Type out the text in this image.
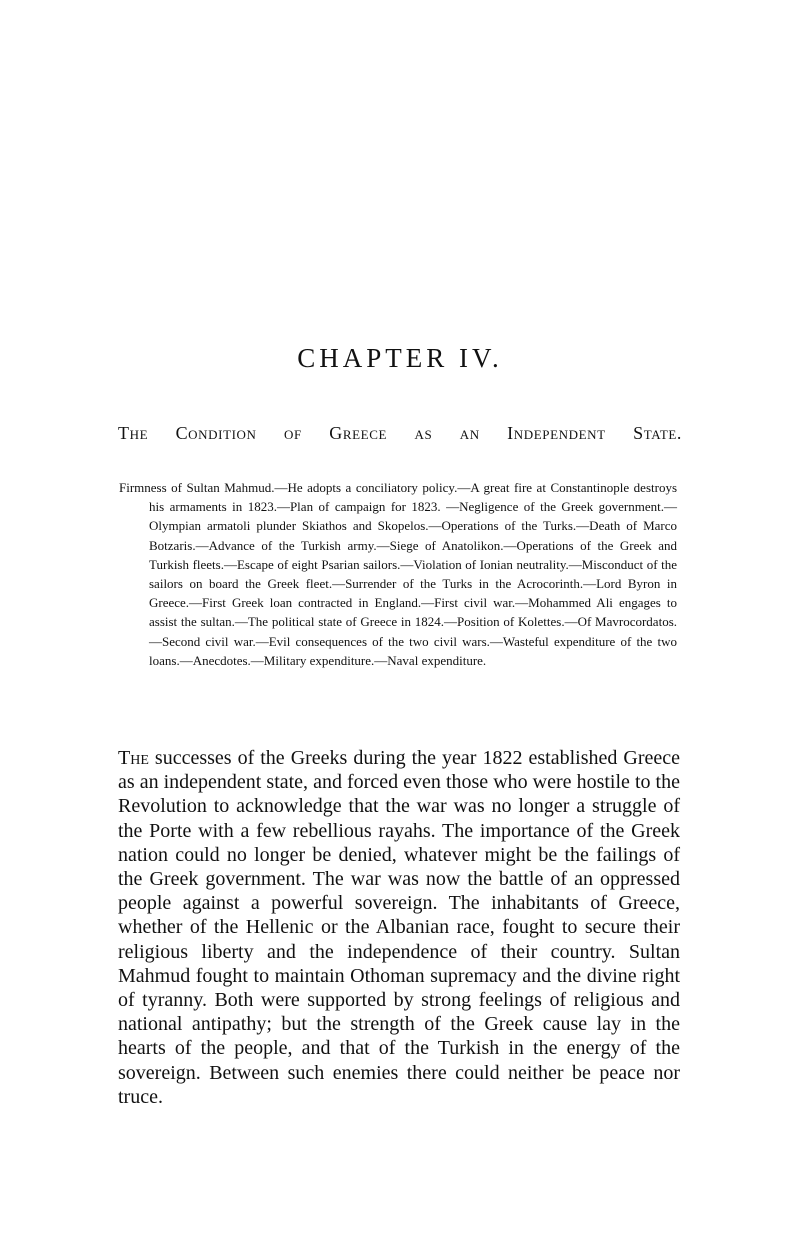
CHAPTER IV.
The Condition of Greece as an Independent State.

Firmness of Sultan Mahmud.—He adopts a conciliatory policy.—A great fire at Constantinople destroys his armaments in 1823.—Plan of campaign for 1823. —Negligence of the Greek government.—Olympian armatoli plunder Skiathos and Skopelos.—Operations of the Turks.—Death of Marco Botzaris.—Advance of the Turkish army.—Siege of Anatolikon.—Operations of the Greek and Turkish fleets.—Escape of eight Psarian sailors.—Violation of Ionian neutrality.—Misconduct of the sailors on board the Greek fleet.—Surrender of the Turks in the Acrocorinth.—Lord Byron in Greece.—First Greek loan contracted in England.—First civil war.—Mohammed Ali engages to assist the sultan.—The political state of Greece in 1824.—Position of Kolettes.—Of Mavrocordatos.—Second civil war.—Evil consequences of the two civil wars.—Wasteful expenditure of the two loans.—Anecdotes.—Military expenditure.—Naval expenditure.

The successes of the Greeks during the year 1822 established Greece as an independent state, and forced even those who were hostile to the Revolution to acknowledge that the war was no longer a struggle of the Porte with a few rebellious rayahs. The importance of the Greek nation could no longer be denied, whatever might be the failings of the Greek government. The war was now the battle of an oppressed people against a powerful sovereign. The inhabitants of Greece, whether of the Hellenic or the Albanian race, fought to secure their religious liberty and the independence of their country. Sultan Mahmud fought to maintain Othoman supremacy and the divine right of tyranny. Both were supported by strong feelings of religious and national antipathy; but the strength of the Greek cause lay in the hearts of the people, and that of the Turkish in the energy of the sovereign. Between such enemies there could neither be peace nor truce.
